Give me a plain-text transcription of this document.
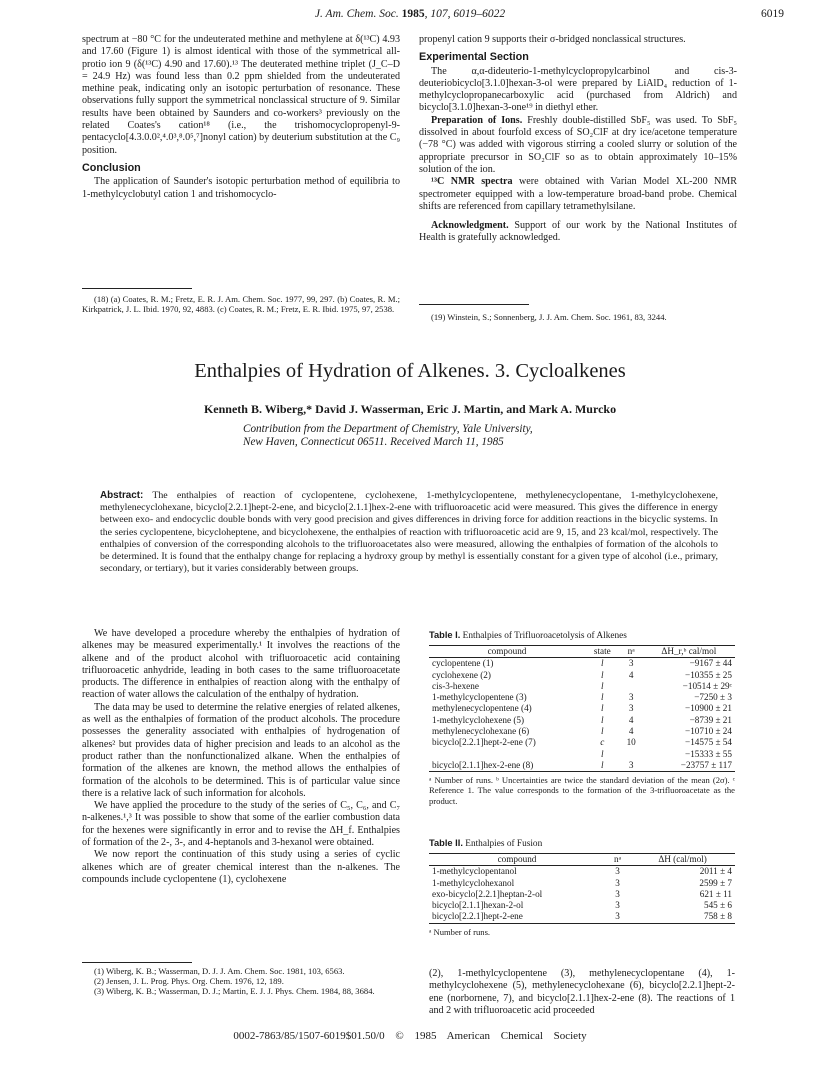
J. Am. Chem. Soc. 1985, 107, 6019–6022	6019

spectrum at −80 °C for the undeuterated methine and methylene at δ(¹³C) 4.93 and 17.60 (Figure 1) is almost identical with those of the symmetrical all-protio ion 9 (δ(¹³C) 4.90 and 17.60).¹³ The deuterated methine triplet (J_C–D = 24.9 Hz) was found less than 0.2 ppm shielded from the undeuterated methine peak, indicating only an isotopic perturbation of resonance. These observations fully support the symmetrical nonclassical structure of 9. Similar results have been obtained by Saunders and co-workers³ previously on the related Coates's cation¹⁸ (i.e., the trishomocyclopropenyl-9-pentacyclo[4.3.0.0²,⁴.0³,⁸.0⁵,⁷]nonyl cation) by deuterium substitution at the C₉ position.

Conclusion

The application of Saunder's isotopic perturbation method of equilibria to 1-methylcyclobutyl cation 1 and trishomocyclo-

(18) (a) Coates, R. M.; Fretz, E. R. J. Am. Chem. Soc. 1977, 99, 297. (b) Coates, R. M.; Kirkpatrick, J. L. Ibid. 1970, 92, 4883. (c) Coates, R. M.; Fretz, E. R. Ibid. 1975, 97, 2538.

propenyl cation 9 supports their σ-bridged nonclassical structures.

Experimental Section

The α,α-dideuterio-1-methylcyclopropylcarbinol and cis-3-deuteriobicyclo[3.1.0]hexan-3-ol were prepared by LiAlD₄ reduction of 1-methylcyclopropanecarboxylic acid (purchased from Aldrich) and bicyclo[3.1.0]hexan-3-one¹⁹ in diethyl ether.

Preparation of Ions. Freshly double-distilled SbF₅ was used. To SbF₅ dissolved in about fourfold excess of SO₂ClF at dry ice/acetone temperature (−78 °C) was added with vigorous stirring a cooled slurry or solution of the appropriate precursor in SO₂ClF so as to obtain approximately 10–15% solution of the ion.

¹³C NMR spectra were obtained with Varian Model XL-200 NMR spectrometer equipped with a low-temperature broad-band probe. Chemical shifts are referenced from capillary tetramethylsilane.

Acknowledgment. Support of our work by the National Institutes of Health is gratefully acknowledged.

(19) Winstein, S.; Sonnenberg, J. J. Am. Chem. Soc. 1961, 83, 3244.

Enthalpies of Hydration of Alkenes. 3. Cycloalkenes
Kenneth B. Wiberg,* David J. Wasserman, Eric J. Martin, and Mark A. Murcko
Contribution from the Department of Chemistry, Yale University,
New Haven, Connecticut 06511. Received March 11, 1985
Abstract: The enthalpies of reaction of cyclopentene, cyclohexene, 1-methylcyclopentene, methylenecyclopentane, 1-methylcyclohexene, methylenecyclohexane, bicyclo[2.2.1]hept-2-ene, and bicyclo[2.1.1]hex-2-ene with trifluoroacetic acid were measured. This gives the difference in energy between exo- and endocyclic double bonds with very good precision and gives differences in driving force for addition reactions in the bicyclic systems. In the series cyclopentene, bicycloheptene, and bicyclohexene, the enthalpies of reaction with trifluoroacetic acid are 9, 15, and 23 kcal/mol, respectively. The enthalpies of conversion of the corresponding alcohols to the trifluoroacetates also were measured, allowing the enthalpies of formation of the alcohols to be determined. It is found that the enthalpy change for replacing a hydroxy group by methyl is essentially constant for a given type of alcohol (i.e., primary, secondary, or tertiary), but it varies considerably between groups.

We have developed a procedure whereby the enthalpies of hydration of alkenes may be measured experimentally.¹ It involves the reactions of the alkene and of the product alcohol with trifluoroacetic acid containing trifluoroacetic anhydride, leading in both cases to the same trifluoroacetate products. The difference in enthalpies of reaction along with the enthalpy of reaction of water allows the calculation of the enthalpy of hydration.

The data may be used to determine the relative energies of related alkenes, as well as the enthalpies of formation of the product alcohols. The procedure possesses the generality associated with enthalpies of hydrogenation of alkenes² but provides data of higher precision and leads to an alcohol as the product rather than the nonfunctionalized alkane. When the enthalpies of formation of the alkenes are known, the method allows the enthalpies of formation of the alcohols to be determined. This is of particular value since there is a relative lack of such information for alcohols.

We have applied the procedure to the study of the series of C₅, C₆, and C₇ n-alkenes.¹,³ It was possible to show that some of the earlier combustion data for the hexenes were significantly in error and to revise the ΔH_f. Enthalpies of formation of the 2-, 3-, and 4-heptanols and 3-hexanol were obtained.

We now report the continuation of this study using a series of cyclic alkenes which are of greater chemical interest than the n-alkenes. The compounds include cyclopentene (1), cyclohexene

(1) Wiberg, K. B.; Wasserman, D. J. J. Am. Chem. Soc. 1981, 103, 6563.

(2) Jensen, J. L. Prog. Phys. Org. Chem. 1976, 12, 189.

(3) Wiberg, K. B.; Wasserman, D. J.; Martin, E. J. J. Phys. Chem. 1984, 88, 3684.

Table I. Enthalpies of Trifluoroacetolysis of Alkenes
compound	state	nᵃ	ΔH_r,ᵇ cal/mol
cyclopentene (1)	l	3	−9167 ± 44
cyclohexene (2)	l	4	−10355 ± 25
cis-3-hexene	l		−10514 ± 29ᶜ
1-methylcyclopentene (3)	l	3	−7250 ± 3
methylenecyclopentene (4)	l	3	−10900 ± 21
1-methylcyclohexene (5)	l	4	−8739 ± 21
methylenecyclohexane (6)	l	4	−10710 ± 24
bicyclo[2.2.1]hept-2-ene (7)	c	10	−14575 ± 54
	l		−15333 ± 55
bicyclo[2.1.1]hex-2-ene (8)	l	3	−23757 ± 117
ᵃ Number of runs. ᵇ Uncertainties are twice the standard deviation of the mean (2σ). ᶜ Reference 1. The value corresponds to the formation of the 3-trifluoroacetate as the product.
Table II. Enthalpies of Fusion
compound	nᵃ	ΔH (cal/mol)
1-methylcyclopentanol	3	2011 ± 4
1-methylcyclohexanol	3	2599 ± 7
exo-bicyclo[2.2.1]heptan-2-ol	3	621 ± 11
bicyclo[2.1.1]hexan-2-ol	3	545 ± 6
bicyclo[2.2.1]hept-2-ene	3	758 ± 8
ᵃ Number of runs.

(2), 1-methylcyclopentene (3), methylenecyclopentane (4), 1-methylcyclohexene (5), methylenecyclohexane (6), bicyclo[2.2.1]hept-2-ene (norbornene, 7), and bicyclo[2.1.1]hex-2-ene (8). The reactions of 1 and 2 with trifluoroacetic acid proceeded

0002-7863/85/1507-6019$01.50/0 © 1985 American Chemical Society
